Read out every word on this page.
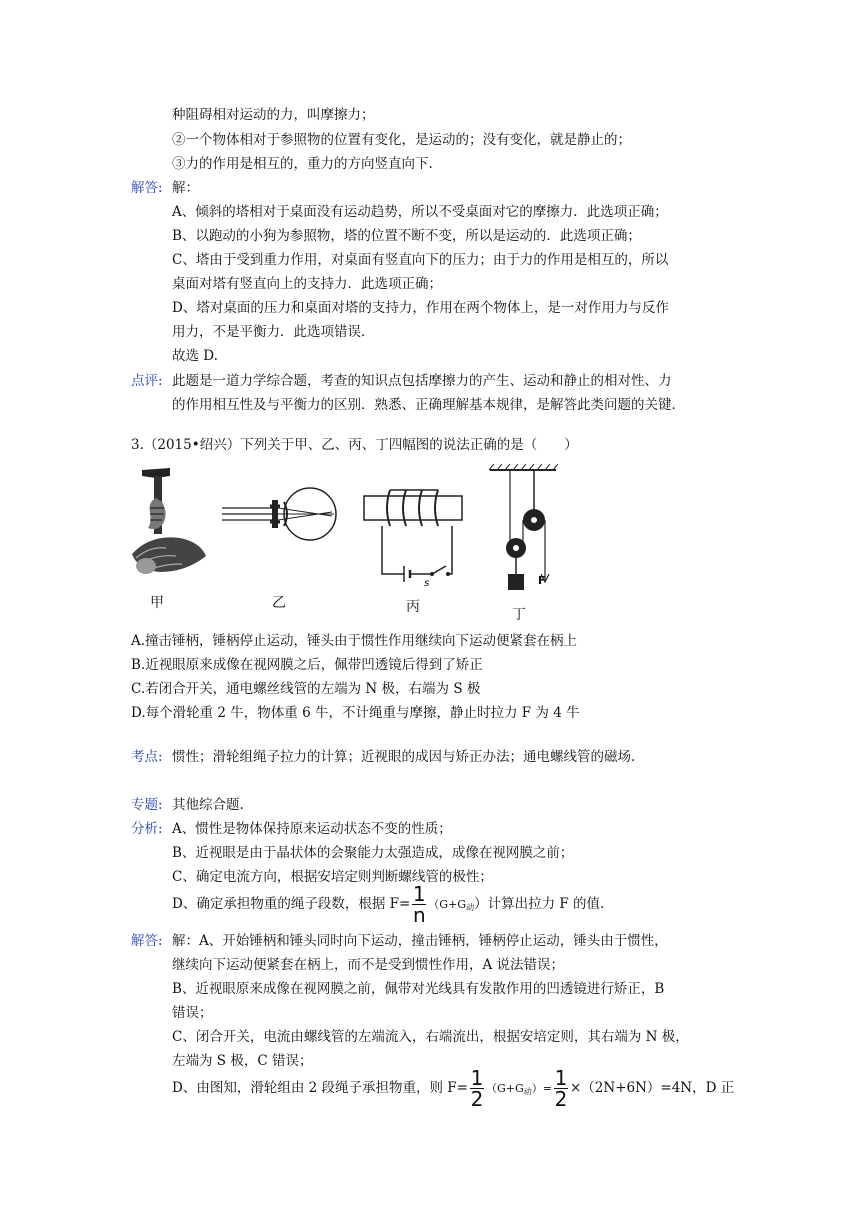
种阻碍相对运动的力，叫摩擦力；
②一个物体相对于参照物的位置有变化，是运动的；没有变化，就是静止的；
③力的作用是相互的，重力的方向竖直向下.
解答: 解：
A、倾斜的塔相对于桌面没有运动趋势，所以不受桌面对它的摩擦力．此选项正确；
B、以跑动的小狗为参照物，塔的位置不断不变，所以是运动的．此选项正确；
C、塔由于受到重力作用，对桌面有竖直向下的压力；由于力的作用是相互的，所以
桌面对塔有竖直向上的支持力．此选项正确；
D、塔对桌面的压力和桌面对塔的支持力，作用在两个物体上，是一对作用力与反作
用力，不是平衡力．此选项错误．
故选 D.
点评: 此题是一道力学综合题，考查的知识点包括摩擦力的产生、运动和静止的相对性、力
的作用相互性及与平衡力的区别．熟悉、正确理解基本规律，是解答此类问题的关键．
3.（2015•绍兴）下列关于甲、乙、丙、丁四幅图的说法正确的是（　　）
甲	乙
s
丙
F
丁
A.撞击锤柄，锤柄停止运动，锤头由于惯性作用继续向下运动便紧套在柄上
B.近视眼原来成像在视网膜之后，佩带凹透镜后得到了矫正
C.若闭合开关，通电螺丝线管的左端为 N 极，右端为 S 极
D.每个滑轮重 2 牛，物体重 6 牛，不计绳重与摩擦，静止时拉力 F 为 4 牛
考点: 惯性；滑轮组绳子拉力的计算；近视眼的成因与矫正办法；通电螺线管的磁场.
专题: 其他综合题.
分析: A、惯性是物体保持原来运动状态不变的性质；
B、近视眼是由于晶状体的会聚能力太强造成，成像在视网膜之前；
C、确定电流方向，根据安培定则判断螺线管的极性；
D、确定承担物重的绳子段数，根据 $F= \frac{1}{n} (G+G_动)$计算出拉力 F 的值.
解答: 解：A、开始锤柄和锤头同时向下运动，撞击锤柄，锤柄停止运动，锤头由于惯性，
继续向下运动便紧套在柄上，而不是受到惯性作用，A 说法错误；
B、近视眼原来成像在视网膜之前，佩带对光线具有发散作用的凹透镜进行矫正，B
错误；
C、闭合开关，电流由螺线管的左端流入，右端流出，根据安培定则，其右端为 N 极，
左端为 S 极，C 错误；
D、由图知，滑轮组由 2 段绳子承担物重，则 $F= \frac{1}{2} (G+G_动)= \frac{1}{2} \times(2N+6N)=4N$，D 正
